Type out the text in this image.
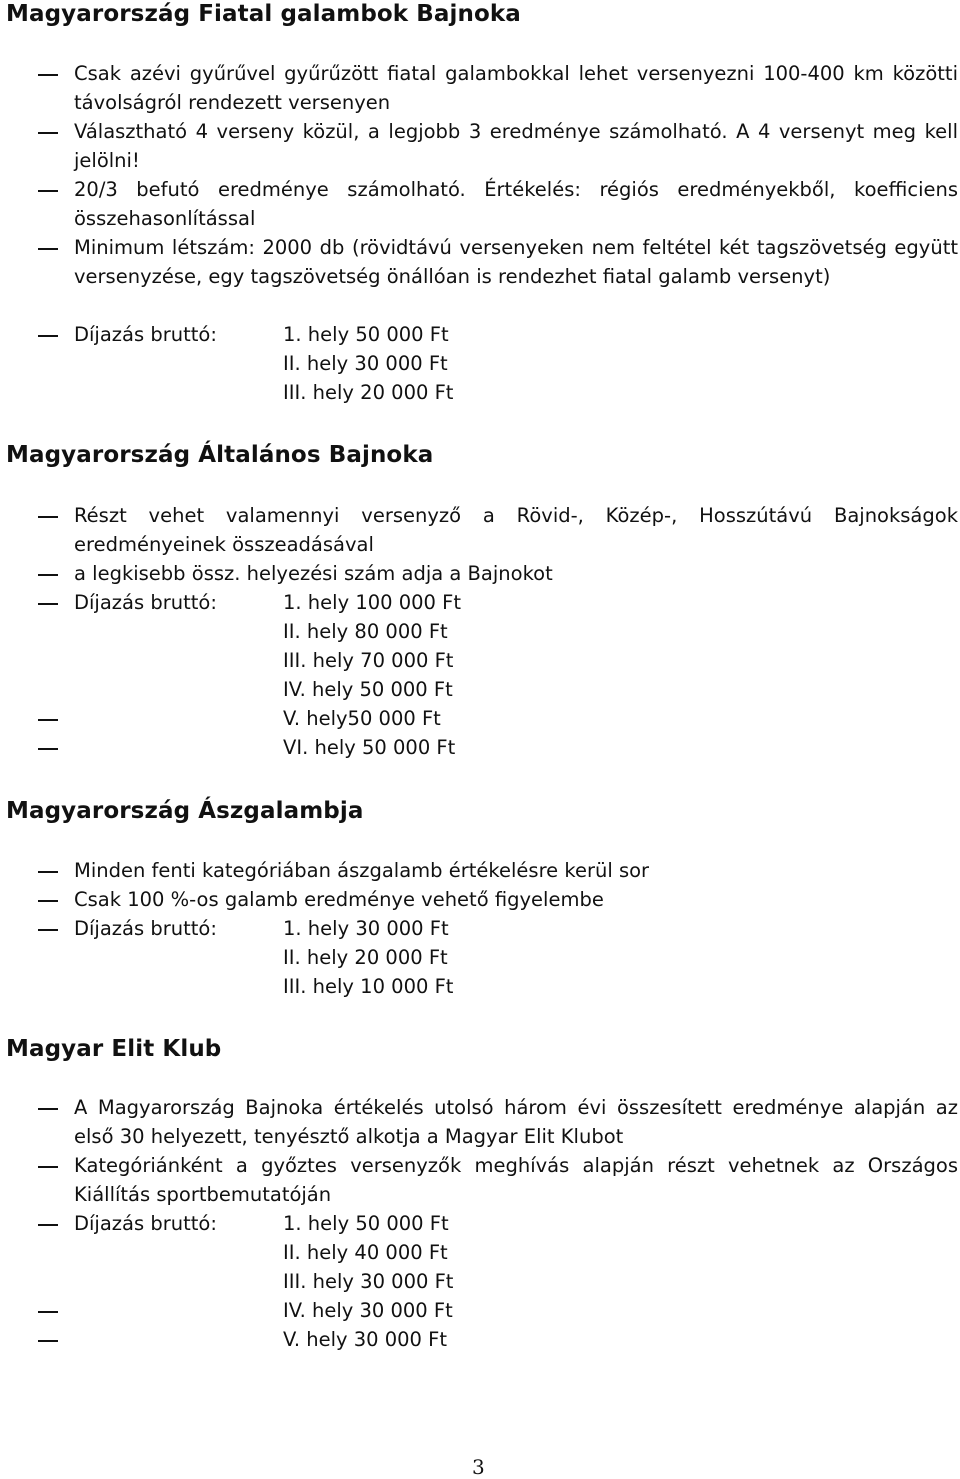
Magyarország Fiatal galambok Bajnoka
Csak azévi gyűrűvel gyűrűzött fiatal galambokkal lehet versenyezni 100-400 km közötti távolságról rendezett versenyen
Választható 4 verseny közül, a legjobb 3 eredménye számolható. A 4 versenyt meg kell jelölni!
20/3 befutó eredménye számolható. Értékelés: régiós eredményekből, koefficiens összehasonlítással
Minimum létszám: 2000 db (rövidtávú versenyeken nem feltétel két tagszövetség együtt versenyzése, egy tagszövetség önállóan is rendezhet fiatal galamb versenyt)
Díjazás bruttó:	1. hely 50 000 Ft
II. hely 30 000 Ft
III. hely 20 000 Ft
Magyarország Általános Bajnoka
Részt vehet valamennyi versenyző a Rövid-, Közép-, Hosszútávú Bajnokságok eredményeinek összeadásával
a legkisebb össz. helyezési szám adja a Bajnokot
Díjazás bruttó:	1. hely 100 000 Ft
II. hely 80 000 Ft
III. hely 70 000 Ft
IV. hely 50 000 Ft
V. hely50 000 Ft
VI. hely 50 000 Ft
Magyarország Ászgalambja
Minden fenti kategóriában ászgalamb értékelésre kerül sor
Csak 100 %-os galamb eredménye vehető figyelembe
Díjazás bruttó:	1. hely 30 000 Ft
II. hely 20 000 Ft
III. hely 10 000 Ft
Magyar Elit Klub
A Magyarország Bajnoka értékelés utolsó három évi összesített eredménye alapján az első 30 helyezett, tenyésztő alkotja a Magyar Elit Klubot
Kategóriánként a győztes versenyzők meghívás alapján részt vehetnek az Országos Kiállítás sportbemutatóján
Díjazás bruttó:	1. hely 50 000 Ft
II. hely 40 000 Ft
III. hely 30 000 Ft
IV. hely 30 000 Ft
V. hely 30 000 Ft
3
